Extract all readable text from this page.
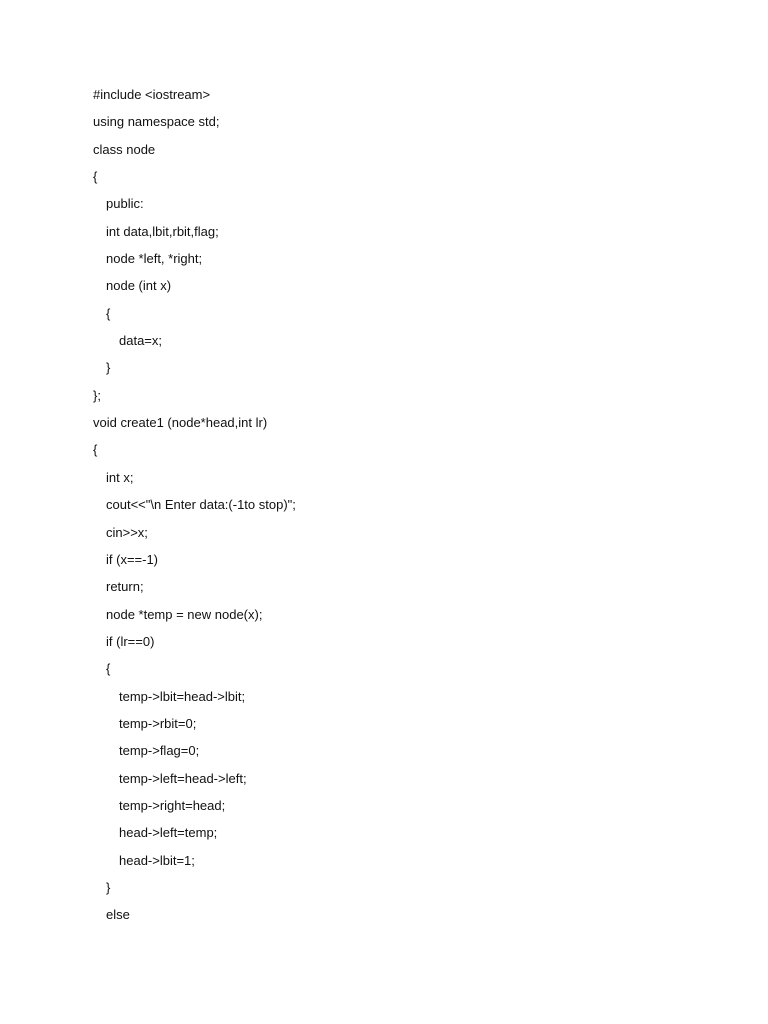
#include <iostream>
using namespace std;
class node
{
public:
int data,lbit,rbit,flag;
node *left, *right;
node (int x)
{
data=x;
}
};
void create1 (node*head,int lr)
{
int x;
cout<<"\n Enter data:(-1to stop)";
cin>>x;
if (x==-1)
return;
node *temp = new node(x);
if (lr==0)
{
temp->lbit=head->lbit;
temp->rbit=0;
temp->flag=0;
temp->left=head->left;
temp->right=head;
head->left=temp;
head->lbit=1;
}
else
